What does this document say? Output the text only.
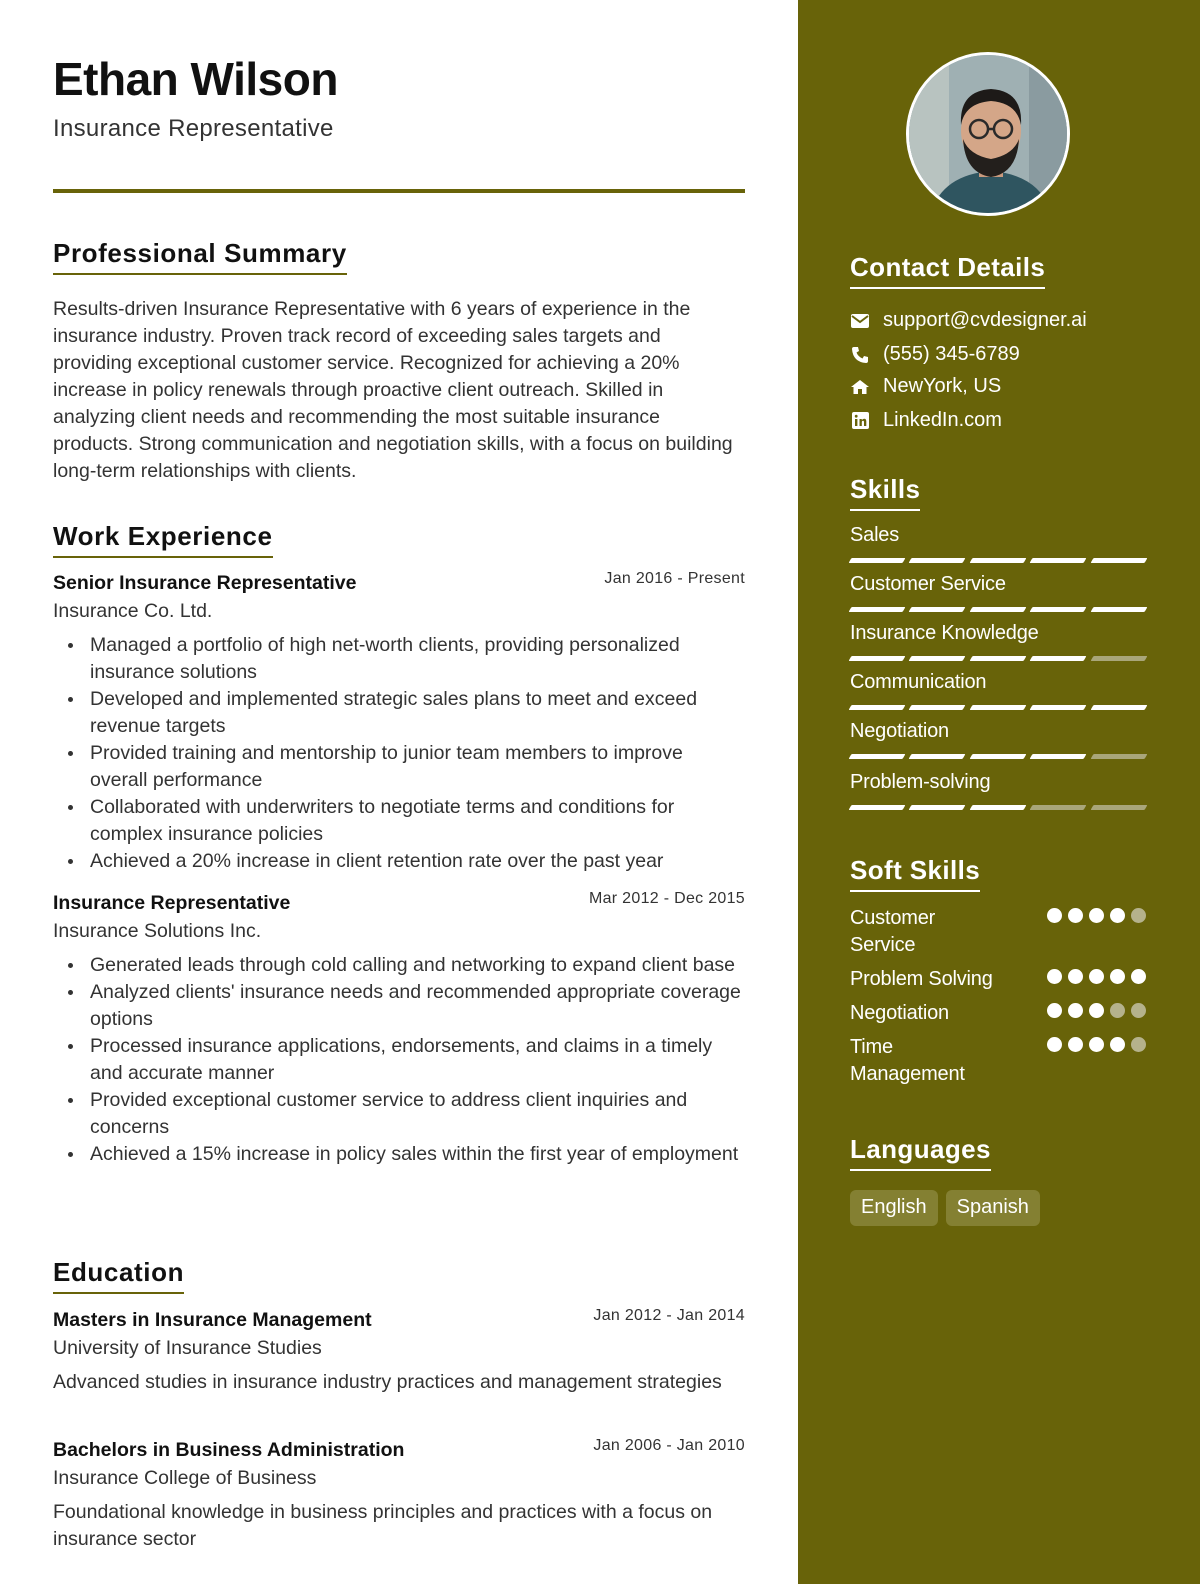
Ethan Wilson
Insurance Representative
Professional Summary
Results-driven Insurance Representative with 6 years of experience in the insurance industry. Proven track record of exceeding sales targets and providing exceptional customer service. Recognized for achieving a 20% increase in policy renewals through proactive client outreach. Skilled in analyzing client needs and recommending the most suitable insurance products. Strong communication and negotiation skills, with a focus on building long-term relationships with clients.
Work Experience
Senior Insurance Representative	Jan 2016 - Present
Insurance Co. Ltd.
Managed a portfolio of high net-worth clients, providing personalized insurance solutions
Developed and implemented strategic sales plans to meet and exceed revenue targets
Provided training and mentorship to junior team members to improve overall performance
Collaborated with underwriters to negotiate terms and conditions for complex insurance policies
Achieved a 20% increase in client retention rate over the past year
Insurance Representative	Mar 2012 - Dec 2015
Insurance Solutions Inc.
Generated leads through cold calling and networking to expand client base
Analyzed clients' insurance needs and recommended appropriate coverage options
Processed insurance applications, endorsements, and claims in a timely and accurate manner
Provided exceptional customer service to address client inquiries and concerns
Achieved a 15% increase in policy sales within the first year of employment
Education
Masters in Insurance Management	Jan 2012 - Jan 2014
University of Insurance Studies
Advanced studies in insurance industry practices and management strategies
Bachelors in Business Administration	Jan 2006 - Jan 2010
Insurance College of Business
Foundational knowledge in business principles and practices with a focus on insurance sector
Contact Details
support@cvdesigner.ai
(555) 345-6789
NewYork, US
LinkedIn.com
Skills
Sales
Customer Service
Insurance Knowledge
Communication
Negotiation
Problem-solving
Soft Skills
Customer Service
Problem Solving
Negotiation
Time Management
Languages
English	Spanish
